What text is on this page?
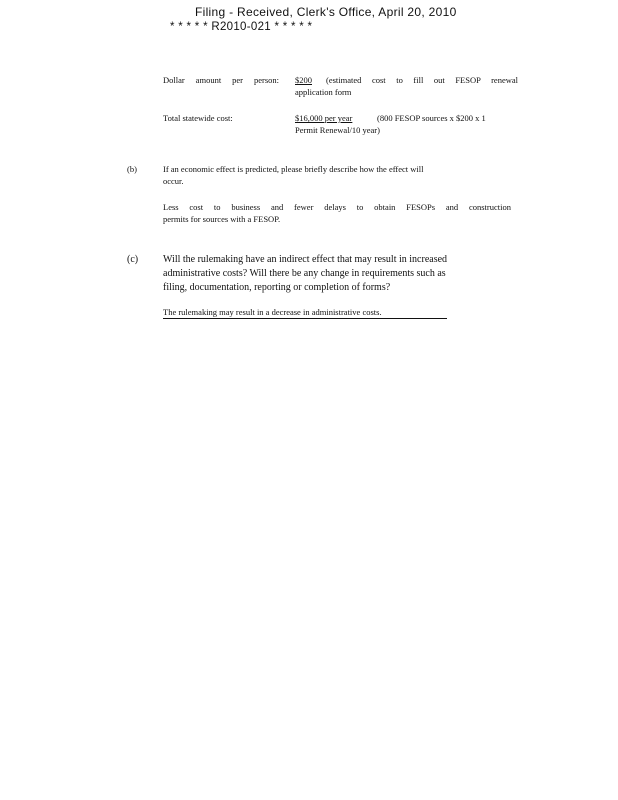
Filing - Received, Clerk's Office, April 20, 2010
* * * * * R2010-021 * * * * *
Dollar amount per person: $200	(estimated cost to fill out FESOP renewal
application form
Total statewide cost:	$16,000 per year	(800 FESOP sources x $200 x 1
Permit Renewal/10 year)
(b)	If an economic effect is predicted, please briefly describe how the effect will
occur.
Less cost to business and fewer delays to obtain FESOPs and construction
permits for sources with a FESOP.
(c) Will the rulemaking have an indirect effect that may result in increased
administrative costs? Will there be any change in requirements such as
filing, documentation, reporting or completion of forms?
The rulemaking may result in a decrease in administrative costs.
